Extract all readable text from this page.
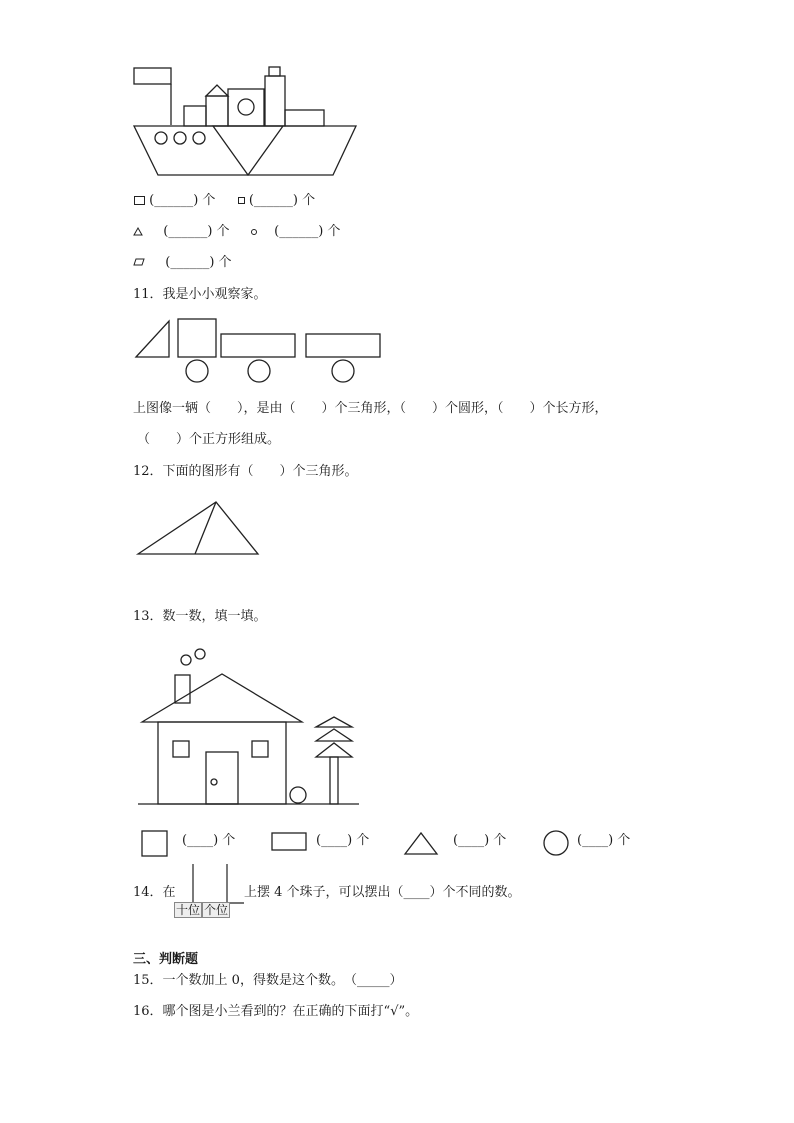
(______) 个	(______) 个
(______) 个	(______) 个
(______) 个
11．我是小小观察家。
上图像一辆（　　），是由（　　）个三角形，（　　）个圆形，（　　）个长方形，
（　　）个正方形组成。
12．下面的图形有（　　）个三角形。
13．数一数，填一填。
(____) 个	(____) 个	(____) 个	(____) 个
14．在
十位 个位
上摆 4 个珠子，可以摆出（____）个不同的数。
三、判断题
15．一个数加上 0，得数是这个数。　（_____）
16．哪个图是小兰看到的？在正确的下面打“√”。
